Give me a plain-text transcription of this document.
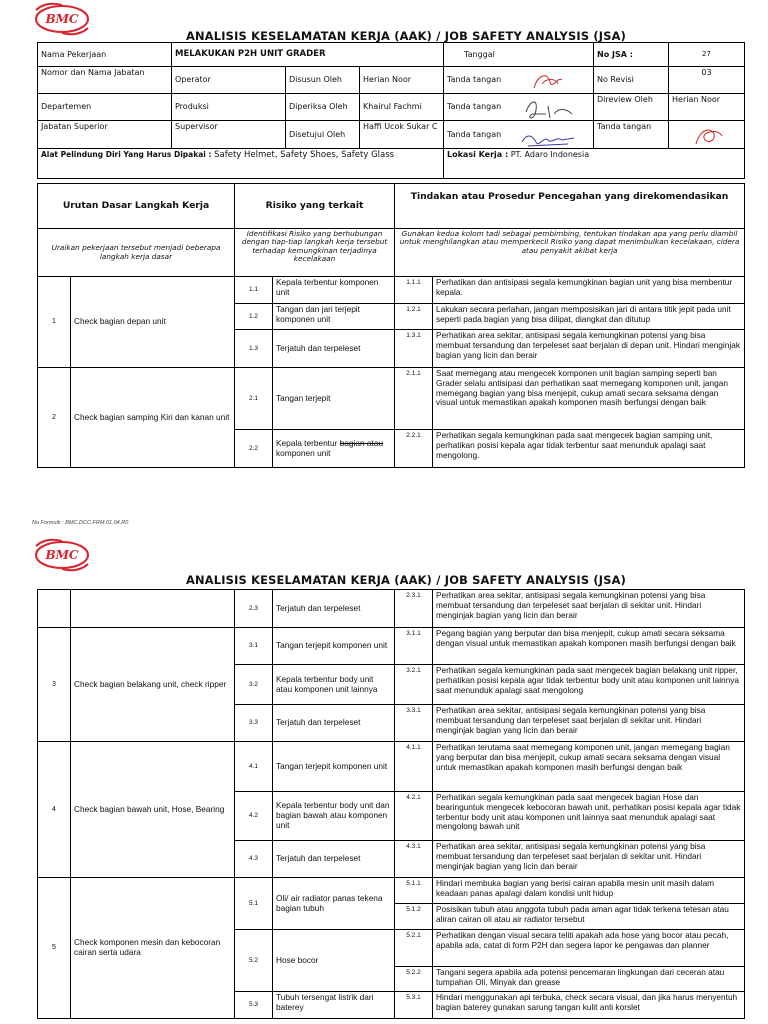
BMC
ANALISIS KESELAMATAN KERJA (AAK) / JOB SAFETY ANALYSIS (JSA)
Nama Pekerjaan	MELAKUKAN P2H UNIT GRADER			Tanggal	No JSA :	27
Nomor dan Nama Jabatan	Operator	Disusun Oleh	Herian Noor	Tanda tangan	No Revisi	03
Departemen	Produksi	Diperiksa Oleh	Khairul Fachmi	Tanda tangan	Direview Oleh	Herian Noor
Jabatan Superior	Supervisor	Disetujui Oleh	Haffi Ucok Sukar C	Tanda tangan	Tanda tangan	
Alat Pelindung Diri Yang Harus Dipakai : Safety Helmet, Safety Shoes, Safety Glass				Lokasi Kerja : PT. Adaro Indonesia		
Urutan Dasar Langkah Kerja		Risiko yang terkait		Tindakan atau Prosedur Pencegahan yang direkomendasikan	
Uraikan pekerjaan tersebut menjadi beberapa langkah kerja dasar		Identifikasi Risiko yang berhubungan dengan tiap-tiap langkah kerja tersebut terhadap kemungkinan terjadinya kecelakaan		Gunakan kedua kolom tadi sebagai pembimbing, tentukan tindakan apa yang perlu diambil untuk menghilangkan atau memperkecil Risiko yang dapat menimbulkan kecelakaan, cidera atau penyakit akibat kerja	
1	Check bagian depan unit	1.1	Kepala terbentur komponen unit	1.1.1	Perhatikan dan antisipasi segala kemungkinan bagian unit yang bisa membentur kepala.
		1.2	Tangan dan jari terjepit komponen unit	1.2.1	Lakukan secara perlahan, jangan memposisikan jari di antara titik jepit pada unit seperti pada bagian yang bisa dilipat, diangkat dan ditutup
		1.3	Terjatuh dan terpeleset	1.3.1	Perhatikan area sekitar, antisipasi segala kemungkinan potensi yang bisa membuat tersandung dan terpeleset saat berjalan di depan unit. Hindari menginjak bagian yang licin dan berair
2	Check bagian samping Kiri dan kanan unit	2.1	Tangan terjepit	2.1.1	Saat memegang atau mengecek komponen unit bagian samping seperti ban Grader selalu antisipasi dan perhatikan saat memegang komponen unit, jangan memegang bagian yang bisa menjepit, cukup amati secara seksama dengan visual untuk memastikan apakah komponen masih berfungsi dengan baik
		2.2	Kepala terbentur bagian atau komponen unit	2.2.1	Perhatikan segala kemungkinan pada saat mengecek bagian samping unit, perhatikan posisi kepala agar tidak terbentur saat menunduk apalagi saat mengolong.
No Formulir : BMC.DCC.FRM.01.04.R0
BMC
ANALISIS KESELAMATAN KERJA (AAK) / JOB SAFETY ANALYSIS (JSA)
		2.3	Terjatuh dan terpeleset	2.3.1	Perhatikan area sekitar, antisipasi segala kemungkinan potensi yang bisa membuat tersandung dan terpeleset saat berjalan di sekitar unit. Hindari menginjak bagian yang licin dan berair
3	Check bagian belakang unit, check ripper	3.1	Tangan terjepit komponen unit	3.1.1	Pegang bagian yang berputar dan bisa menjepit, cukup amati secara seksama dengan visual untuk memastikan apakah komponen masih berfungsi dengan baik
		3.2	Kepala terbentur body unit atau komponen unit lainnya	3.2.1	Perhatikan segala kemungkinan pada saat mengecek bagian belakang unit ripper, perhatikan posisi kepala agar tidak terbentur body unit atau komponen unit lainnya saat menunduk apalagi saat mengolong
		3.3	Terjatuh dan terpeleset	3.3.1	Perhatikan area sekitar, antisipasi segala kemungkinan potensi yang bisa membuat tersandung dan terpeleset saat berjalan di sekitar unit. Hindari menginjak bagian yang licin dan berair
4	Check bagian bawah unit, Hose, Bearing	4.1	Tangan terjepit komponen unit	4.1.1	Perhatikan terutama saat memegang komponen unit, jangan memegang bagian yang berputar dan bisa menjepit, cukup amati secara seksama dengan visual untuk memastikan apakah komponen masih berfungsi dengan baik
		4.2	Kepala terbentur body unit dan bagian bawah atau komponen unit	4.2.1	Perhatikan segala kemungkinan pada saat mengecek bagian Hose dan bearinguntuk mengecek kebocoran bawah unit, perhatikan posisi kepala agar tidak terbentur body unit atau komponen unit lainnya saat menunduk apalagi saat mengolong bawah unit
		4.3	Terjatuh dan terpeleset	4.3.1	Perhatikan area sekitar, antisipasi segala kemungkinan potensi yang bisa membuat tersandung dan terpeleset saat berjalan di sekitar unit. Hindari menginjak bagian yang licin dan berair
5	Check komponen mesin dan kebocoran cairan serta udara	5.1	Oli/ air radiator panas tekena bagian tubuh	5.1.1	Hindari membuka bagian yang berisi cairan apabila mesin unit masih dalam keadaan panas apalagi dalam kondisi unit hidup
				5.1.2	Posisikan tubuh atau anggota tubuh pada aman agar tidak terkena tetesan atau aliran cairan oli atau air radiator tersebut
		5.2	Hose bocor	5.2.1	Perhatikan dengan visual secara teliti apakah ada hose yang bocor atau pecah, apabila ada, catat di form P2H dan segera lapor ke pengawas dan planner
				5.2.2	Tangani segera apabila ada potensi pencemaran lingkungan dari ceceran atau tumpahan Oli, Minyak dan grease
		5.3	Tubuh tersengat listrik dari baterey	5.3.1	Hindari menggunakan api terbuka, check secara visual, dan jika harus menyentuh bagian baterey gunakan sarung tangan kulit anti korslet
